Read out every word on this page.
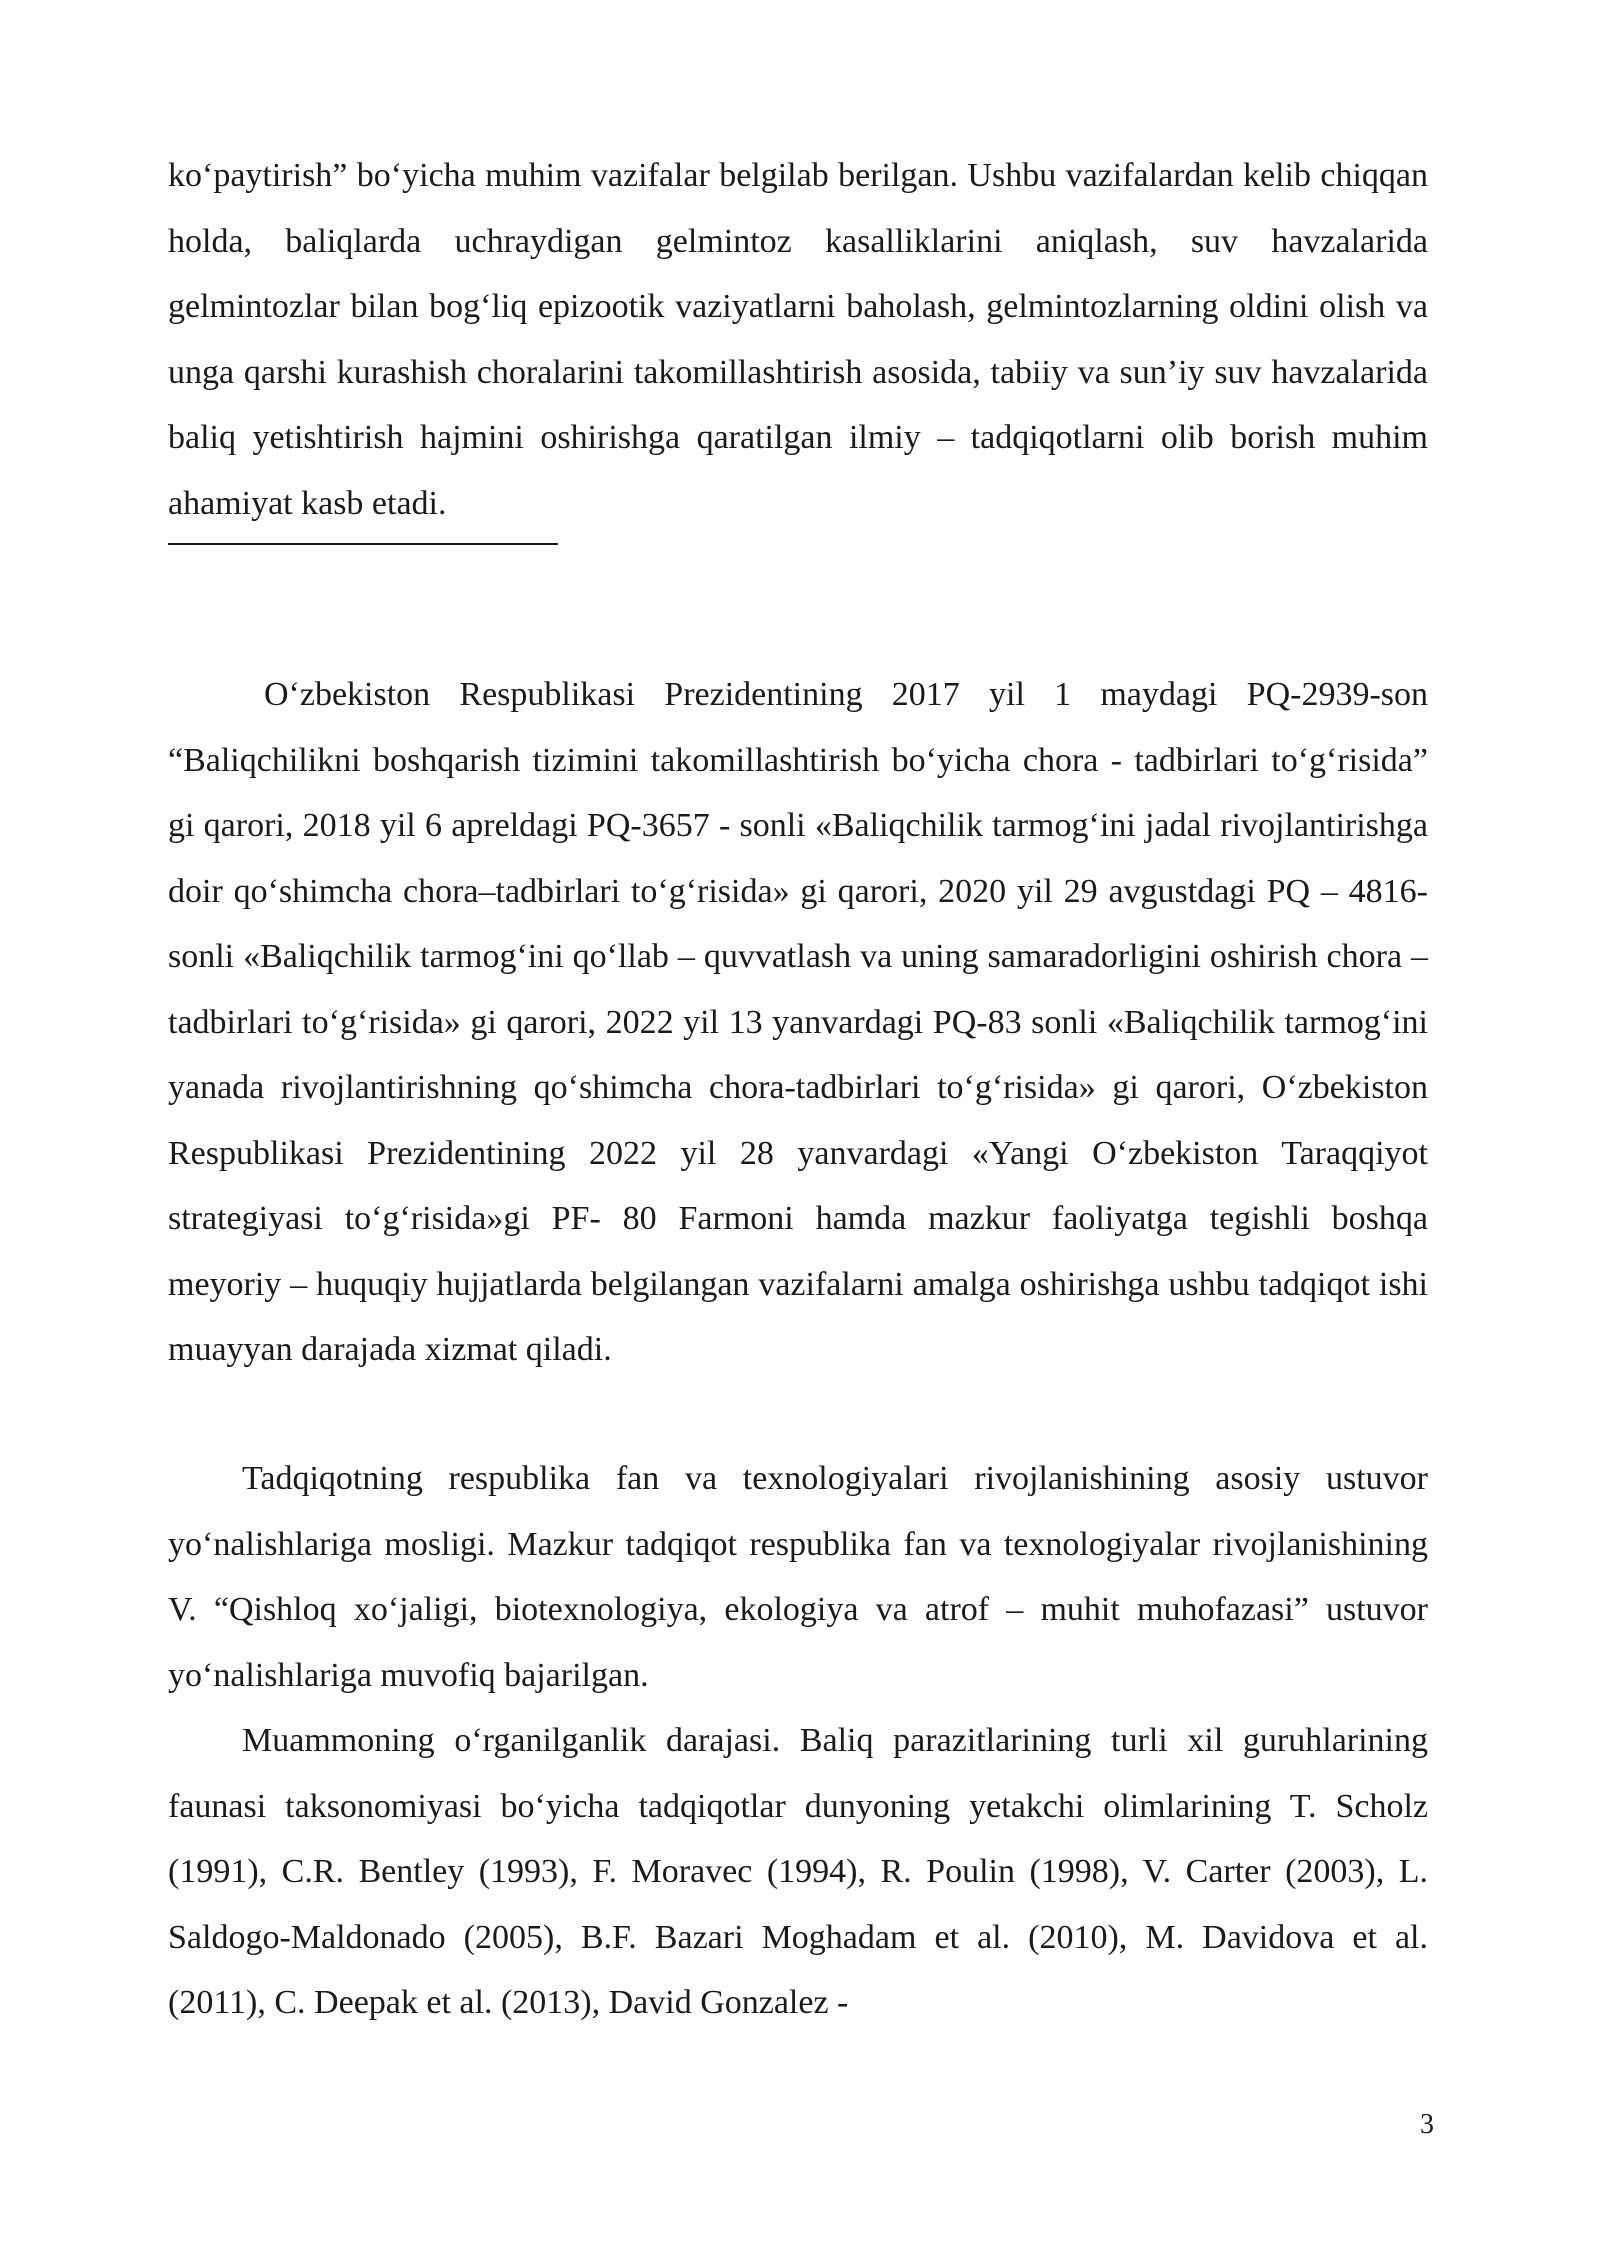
ko‘paytirish” bo‘yicha muhim vazifalar belgilab berilgan. Ushbu vazifalardan kelib chiqqan holda, baliqlarda uchraydigan gelmintoz kasalliklarini aniqlash, suv havzalarida gelmintozlar bilan bog‘liq epizootik vaziyatlarni baholash, gelmintozlarning oldini olish va unga qarshi kurashish choralarini takomillashtirish asosida, tabiiy va sun’iy suv havzalarida baliq yetishtirish hajmini oshirishga qaratilgan ilmiy – tadqiqotlarni olib borish muhim ahamiyat kasb etadi.

O‘zbekiston Respublikasi Prezidentining 2017 yil 1 maydagi PQ-2939-son “Baliqchilikni boshqarish tizimini takomillashtirish bo‘yicha chora - tadbirlari to‘g‘risida” gi qarori, 2018 yil 6 apreldagi PQ-3657 - sonli «Baliqchilik tarmog‘ini jadal rivojlantirishga doir qo‘shimcha chora–tadbirlari to‘g‘risida» gi qarori, 2020 yil 29 avgustdagi PQ – 4816-sonli «Baliqchilik tarmog‘ini qo‘llab – quvvatlash va uning samaradorligini oshirish chora – tadbirlari to‘g‘risida» gi qarori, 2022 yil 13 yanvardagi PQ-83 sonli «Baliqchilik tarmog‘ini yanada rivojlantirishning qo‘shimcha chora-tadbirlari to‘g‘risida» gi qarori, O‘zbekiston Respublikasi Prezidentining 2022 yil 28 yanvardagi «Yangi O‘zbekiston Taraqqiyot strategiyasi to‘g‘risida»gi PF- 80 Farmoni hamda mazkur faoliyatga tegishli boshqa meyoriy – huquqiy hujjatlarda belgilangan vazifalarni amalga oshirishga ushbu tadqiqot ishi muayyan darajada xizmat qiladi.

Tadqiqotning respublika fan va texnologiyalari rivojlanishining asosiy ustuvor yo‘nalishlariga mosligi. Mazkur tadqiqot respublika fan va texnologiyalar rivojlanishining V. “Qishloq xo‘jaligi, biotexnologiya, ekologiya va atrof – muhit muhofazasi” ustuvor yo‘nalishlariga muvofiq bajarilgan.

Muammoning o‘rganilganlik darajasi. Baliq parazitlarining turli xil guruhlarining faunasi taksonomiyasi bo‘yicha tadqiqotlar dunyoning yetakchi olimlarining T. Scholz (1991), C.R. Bentley (1993), F. Moravec (1994), R. Poulin (1998), V. Carter (2003), L. Saldogo-Maldonado (2005), B.F. Bazari Moghadam et al. (2010), M. Davidova et al. (2011), C. Deepak et al. (2013), David Gonzalez -

3
